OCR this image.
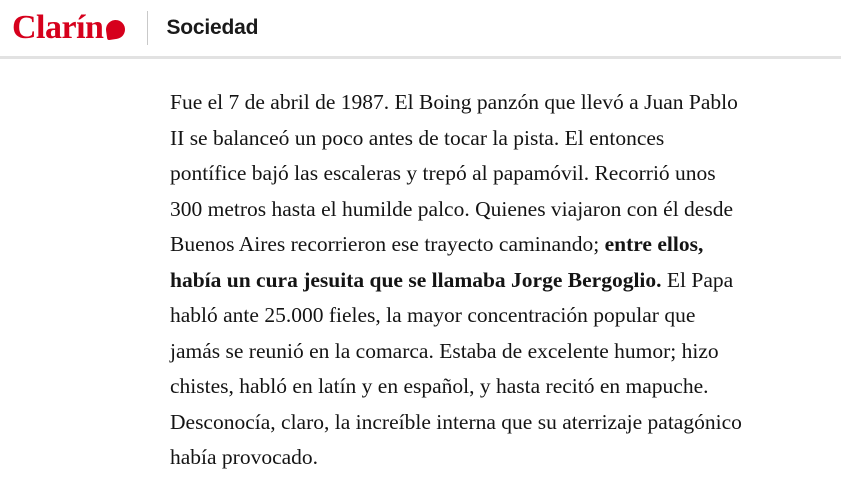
Clarín	Sociedad

Fue el 7 de abril de 1987. El Boing panzón que llevó a Juan Pablo II se balanceó un poco antes de tocar la pista. El entonces pontífice bajó las escaleras y trepó al papamóvil. Recorrió unos 300 metros hasta el humilde palco. Quienes viajaron con él desde Buenos Aires recorrieron ese trayecto caminando; entre ellos, había un cura jesuita que se llamaba Jorge Bergoglio. El Papa habló ante 25.000 fieles, la mayor concentración popular que jamás se reunió en la comarca. Estaba de excelente humor; hizo chistes, habló en latín y en español, y hasta recitó en mapuche. Desconocía, claro, la increíble interna que su aterrizaje patagónico había provocado.
